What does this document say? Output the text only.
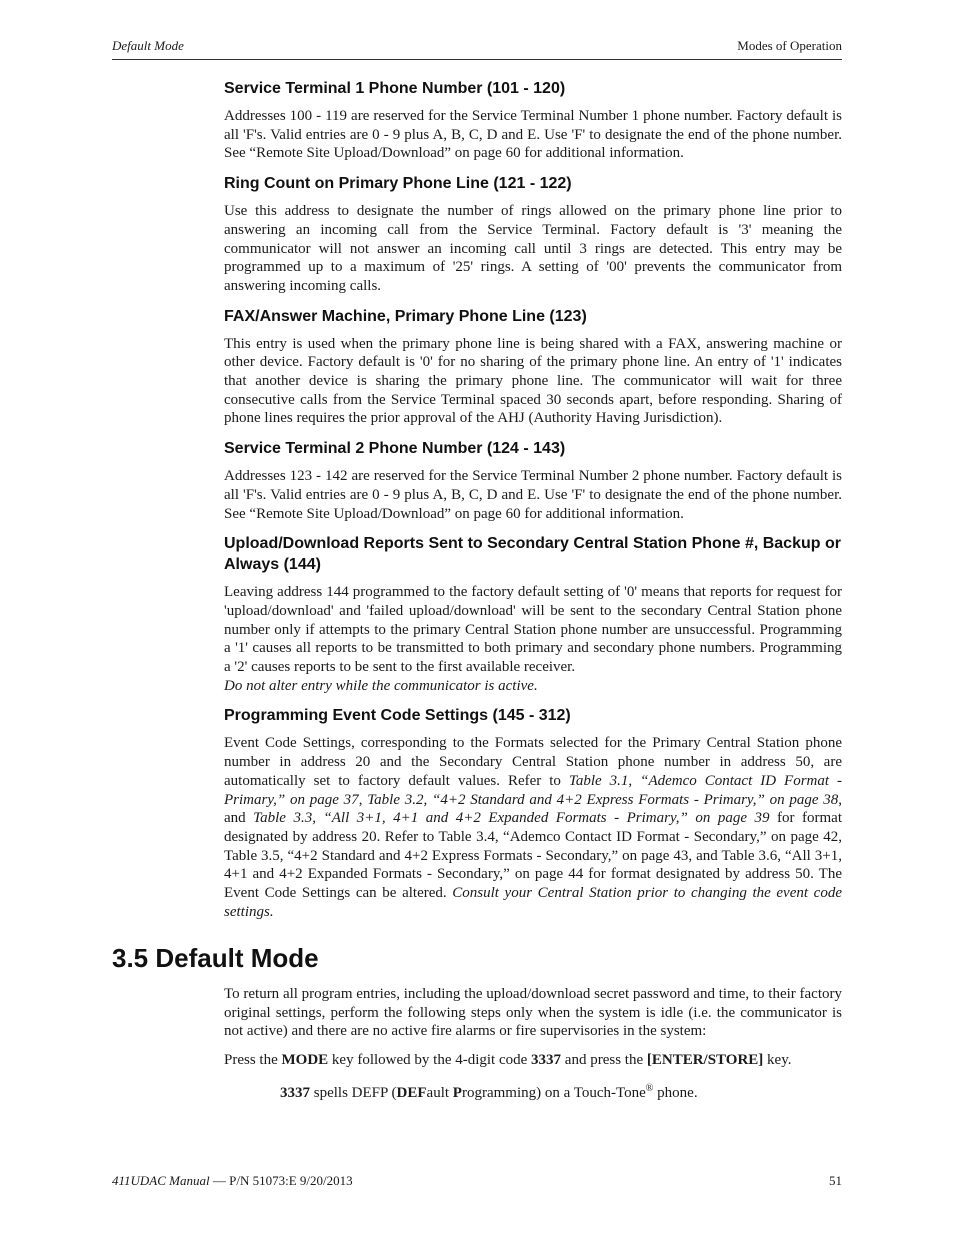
Default Mode	Modes of Operation
Service Terminal 1 Phone Number (101 - 120)

Addresses 100 - 119 are reserved for the Service Terminal Number 1 phone number. Factory default is all 'F's. Valid entries are 0 - 9 plus A, B, C, D and E. Use 'F' to designate the end of the phone number. See “Remote Site Upload/Download” on page 60 for additional information.

Ring Count on Primary Phone Line (121 - 122)

Use this address to designate the number of rings allowed on the primary phone line prior to answering an incoming call from the Service Terminal. Factory default is '3' meaning the communicator will not answer an incoming call until 3 rings are detected. This entry may be programmed up to a maximum of '25' rings. A setting of '00' prevents the communicator from answering incoming calls.

FAX/Answer Machine, Primary Phone Line (123)

This entry is used when the primary phone line is being shared with a FAX, answering machine or other device. Factory default is '0' for no sharing of the primary phone line. An entry of '1' indicates that another device is sharing the primary phone line. The communicator will wait for three consecutive calls from the Service Terminal spaced 30 seconds apart, before responding. Sharing of phone lines requires the prior approval of the AHJ (Authority Having Jurisdiction).

Service Terminal 2 Phone Number (124 - 143)

Addresses 123 - 142 are reserved for the Service Terminal Number 2 phone number. Factory default is all 'F's. Valid entries are 0 - 9 plus A, B, C, D and E. Use 'F' to designate the end of the phone number. See “Remote Site Upload/Download” on page 60 for additional information.

Upload/Download Reports Sent to Secondary Central Station Phone #, Backup or Always (144)

Leaving address 144 programmed to the factory default setting of '0' means that reports for request for 'upload/download' and 'failed upload/download' will be sent to the secondary Central Station phone number only if attempts to the primary Central Station phone number are unsuccessful. Programming a '1' causes all reports to be transmitted to both primary and secondary phone numbers. Programming a '2' causes reports to be sent to the first available receiver.

Do not alter entry while the communicator is active.

Programming Event Code Settings (145 - 312)

Event Code Settings, corresponding to the Formats selected for the Primary Central Station phone number in address 20 and the Secondary Central Station phone number in address 50, are automatically set to factory default values. Refer to Table 3.1, “Ademco Contact ID Format - Primary,” on page 37, Table 3.2, “4+2 Standard and 4+2 Express Formats - Primary,” on page 38, and Table 3.3, “All 3+1, 4+1 and 4+2 Expanded Formats - Primary,” on page 39 for format designated by address 20. Refer to Table 3.4, “Ademco Contact ID Format - Secondary,” on page 42, Table 3.5, “4+2 Standard and 4+2 Express Formats - Secondary,” on page 43, and Table 3.6, “All 3+1, 4+1 and 4+2 Expanded Formats - Secondary,” on page 44 for format designated by address 50. The Event Code Settings can be altered. Consult your Central Station prior to changing the event code settings.

3.5 Default Mode

To return all program entries, including the upload/download secret password and time, to their factory original settings, perform the following steps only when the system is idle (i.e. the communicator is not active) and there are no active fire alarms or fire supervisories in the system:

Press the MODE key followed by the 4-digit code 3337 and press the [ENTER/STORE] key.

3337 spells DEFP (DEFault Programming) on a Touch-Tone® phone.

411UDAC Manual — P/N 51073:E 9/20/2013	51
